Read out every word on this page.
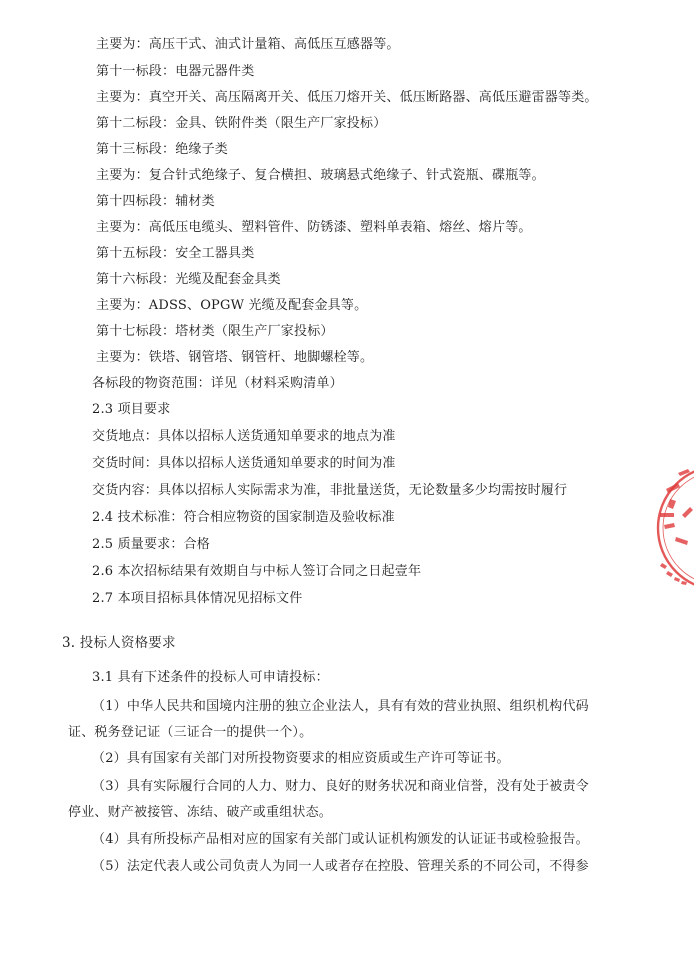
主要为：高压干式、油式计量箱、高低压互感器等。
第十一标段：电器元器件类
主要为：真空开关、高压隔离开关、低压刀熔开关、低压断路器、高低压避雷器等类。
第十二标段：金具、铁附件类（限生产厂家投标）
第十三标段：绝缘子类
主要为：复合针式绝缘子、复合横担、玻璃悬式绝缘子、针式瓷瓶、碟瓶等。
第十四标段：辅材类
主要为：高低压电缆头、塑料管件、防锈漆、塑料单表箱、熔丝、熔片等。
第十五标段：安全工器具类
第十六标段：光缆及配套金具类
主要为：ADSS、OPGW 光缆及配套金具等。
第十七标段：塔材类（限生产厂家投标）
主要为：铁塔、钢管塔、钢管杆、地脚螺栓等。
各标段的物资范围：详见（材料采购清单）
2.3 项目要求
交货地点：具体以招标人送货通知单要求的地点为准
交货时间：具体以招标人送货通知单要求的时间为准
交货内容：具体以招标人实际需求为准，非批量送货，无论数量多少均需按时履行
2.4 技术标准：符合相应物资的国家制造及验收标准
2.5 质量要求：合格
2.6 本次招标结果有效期自与中标人签订合同之日起壹年
2.7 本项目招标具体情况见招标文件
3. 投标人资格要求
3.1 具有下述条件的投标人可申请投标：
（1）中华人民共和国境内注册的独立企业法人，具有有效的营业执照、组织机构代码
证、税务登记证（三证合一的提供一个）。
（2）具有国家有关部门对所投物资要求的相应资质或生产许可等证书。
（3）具有实际履行合同的人力、财力、良好的财务状况和商业信誉，没有处于被责令
停业、财产被接管、冻结、破产或重组状态。
（4）具有所投标产品相对应的国家有关部门或认证机构颁发的认证证书或检验报告。
（5）法定代表人或公司负责人为同一人或者存在控股、管理关系的不同公司，不得参
